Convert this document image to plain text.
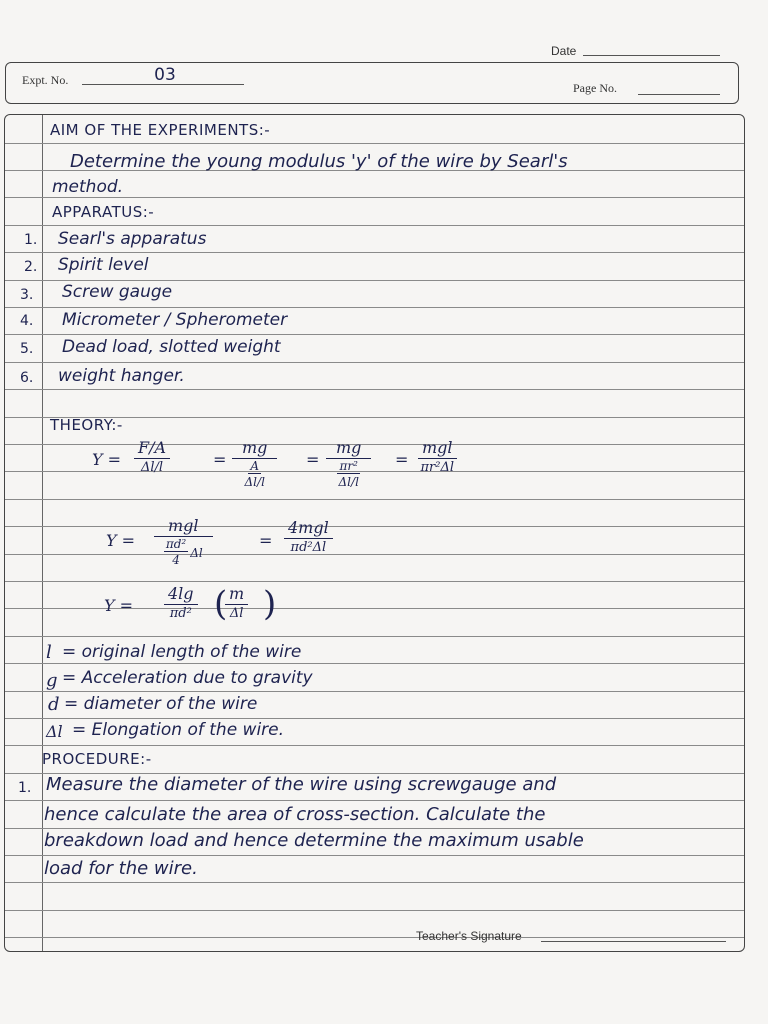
Date
Expt. No.	03
Page No.
AIM OF THE EXPERIMENTS:-
Determine the young modulus 'y' of the wire by Searl's
method.
APPARATUS:-
1. Searl's apparatus
2. Spirit level
3. Screw gauge
4. Micrometer / Spherometer
5. Dead load, slotted weight
6. weight hanger.
THEORY:-
Y =
F/A
Δl/l	=
mg
A
Δl/l
=
mg
πr²
Δl/l
=
mgl
πr²Δl
Y =
mgl
$\frac{\text{πd²}}{4}$ Δl
=
4mgl
πd²Δl
Y =
4lg
πd² ( m
Δl )
l = original length of the wire
g = Acceleration due to gravity
d = diameter of the wire
Δl = Elongation of the wire.
PROCEDURE:-
1. Measure the diameter of the wire using screwgauge and
hence calculate the area of cross-section. Calculate the
breakdown load and hence determine the maximum usable
load for the wire.
Teacher's Signature
